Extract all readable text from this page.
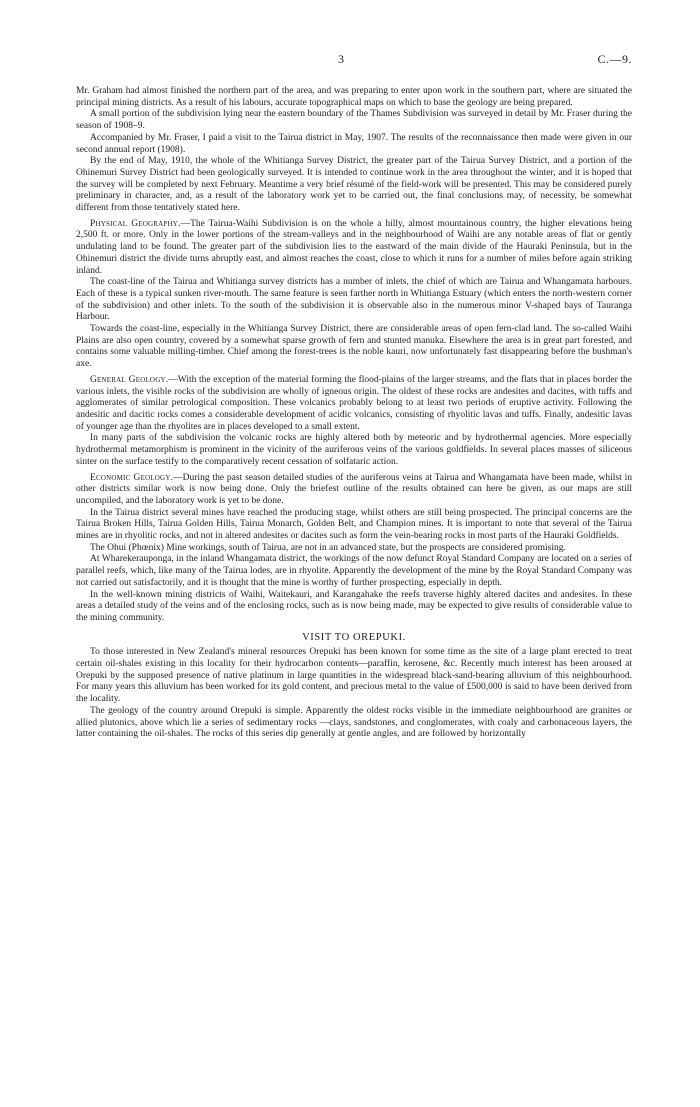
3	C.—9.

Mr. Graham had almost finished the northern part of the area, and was preparing to enter upon work in the southern part, where are situated the principal mining districts. As a result of his labours, accurate topographical maps on which to base the geology are being prepared.

A small portion of the subdivision lying near the eastern boundary of the Thames Subdivision was surveyed in detail by Mr. Fraser during the season of 1908–9.

Accompanied by Mr. Fraser, I paid a visit to the Tairua district in May, 1907. The results of the reconnaissance then made were given in our second annual report (1908).

By the end of May, 1910, the whole of the Whitianga Survey District, the greater part of the Tairua Survey District, and a portion of the Ohinemuri Survey District had been geologically surveyed. It is intended to continue work in the area throughout the winter, and it is hoped that the survey will be completed by next February. Meantime a very brief résumé of the field-work will be presented. This may be considered purely preliminary in character, and, as a result of the laboratory work yet to be carried out, the final conclusions may, of necessity, be somewhat different from those tentatively stated here.

Physical Geography.—The Tairua-Waihi Subdivision is on the whole a hilly, almost mountainous country, the higher elevations being 2,500 ft. or more. Only in the lower portions of the stream-valleys and in the neighbourhood of Waihi are any notable areas of flat or gently undulating land to be found. The greater part of the subdivision lies to the eastward of the main divide of the Hauraki Peninsula, but in the Ohinemuri district the divide turns abruptly east, and almost reaches the coast, close to which it runs for a number of miles before again striking inland.

The coast-line of the Tairua and Whitianga survey districts has a number of inlets, the chief of which are Tairua and Whangamata harbours. Each of these is a typical sunken river-mouth. The same feature is seen farther north in Whitianga Estuary (which enters the north-western corner of the subdivision) and other inlets. To the south of the subdivision it is observable also in the numerous minor V-shaped bays of Tauranga Harbour.

Towards the coast-line, especially in the Whitianga Survey District, there are considerable areas of open fern-clad land. The so-called Waihi Plains are also open country, covered by a somewhat sparse growth of fern and stunted manuka. Elsewhere the area is in great part forested, and contains some valuable milling-timber. Chief among the forest-trees is the noble kauri, now unfortunately fast disappearing before the bushman's axe.

General Geology.—With the exception of the material forming the flood-plains of the larger streams, and the flats that in places border the various inlets, the visible rocks of the subdivision are wholly of igneous origin. The oldest of these rocks are andesites and dacites, with tuffs and agglomerates of similar petrological composition. These volcanics probably belong to at least two periods of eruptive activity. Following the andesitic and dacitic rocks comes a considerable development of acidic volcanics, consisting of rhyolitic lavas and tuffs. Finally, andesitic lavas of younger age than the rhyolites are in places developed to a small extent.

In many parts of the subdivision the volcanic rocks are highly altered both by meteoric and by hydrothermal agencies. More especially hydrothermal metamorphism is prominent in the vicinity of the auriferous veins of the various goldfields. In several places masses of siliceous sinter on the surface testify to the comparatively recent cessation of solfataric action.

Economic Geology.—During the past season detailed studies of the auriferous veins at Tairua and Whangamata have been made, whilst in other districts similar work is now being done. Only the briefest outline of the results obtained can here be given, as our maps are still uncompiled, and the laboratory work is yet to be done.

In the Tairua district several mines have reached the producing stage, whilst others are still being prospected. The principal concerns are the Tairua Broken Hills, Tairua Golden Hills, Tairua Monarch, Golden Belt, and Champion mines. It is important to note that several of the Tairua mines are in rhyolitic rocks, and not in altered andesites or dacites such as form the vein-bearing rocks in most parts of the Hauraki Goldfields.

The Ohui (Phœnix) Mine workings, south of Tairua, are not in an advanced state, but the prospects are considered promising.

At Wharekerauponga, in the inland Whangamata district, the workings of the now defunct Royal Standard Company are located on a series of parallel reefs, which, like many of the Tairua lodes, are in rhyolite. Apparently the development of the mine by the Royal Standard Company was not carried out satisfactorily, and it is thought that the mine is worthy of further prospecting, especially in depth.

In the well-known mining districts of Waihi, Waitekauri, and Karangahake the reefs traverse highly altered dacites and andesites. In these areas a detailed study of the veins and of the enclosing rocks, such as is now being made, may be expected to give results of considerable value to the mining community.

VISIT TO OREPUKI.

To those interested in New Zealand's mineral resources Orepuki has been known for some time as the site of a large plant erected to treat certain oil-shales existing in this locality for their hydrocarbon contents—paraffin, kerosene, &c. Recently much interest has been aroused at Orepuki by the supposed presence of native platinum in large quantities in the widespread black-sand-bearing alluvium of this neighbourhood. For many years this alluvium has been worked for its gold content, and precious metal to the value of £500,000 is said to have been derived from the locality.

The geology of the country around Orepuki is simple. Apparently the oldest rocks visible in the immediate neighbourhood are granites or allied plutonics, above which lie a series of sedimentary rocks —clays, sandstones, and conglomerates, with coaly and carbonaceous layers, the latter containing the oil-shales. The rocks of this series dip generally at gentle angles, and are followed by horizontally
